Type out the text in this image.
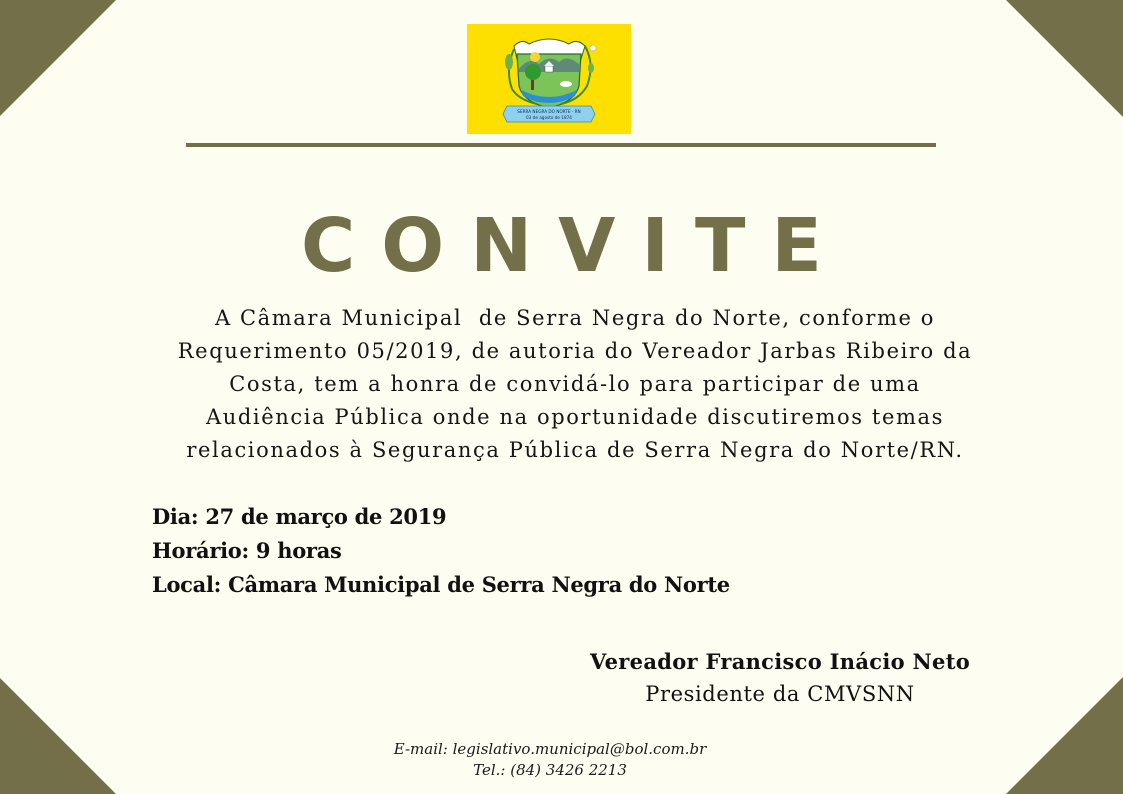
SERRA NEGRA DO NORTE - RN
03 de agosto de 1874
CONVITE
A Câmara Municipal  de Serra Negra do Norte, conforme o
Requerimento 05/2019, de autoria do Vereador Jarbas Ribeiro da
Costa, tem a honra de convidá-lo para participar de uma
Audiência Pública onde na oportunidade discutiremos temas
relacionados à Segurança Pública de Serra Negra do Norte/RN.
Dia: 27 de março de 2019
Horário: 9 horas
Local: Câmara Municipal de Serra Negra do Norte
Vereador Francisco Inácio Neto
Presidente da CMVSNN
E-mail: legislativo.municipal@bol.com.br
Tel.: (84) 3426 2213
